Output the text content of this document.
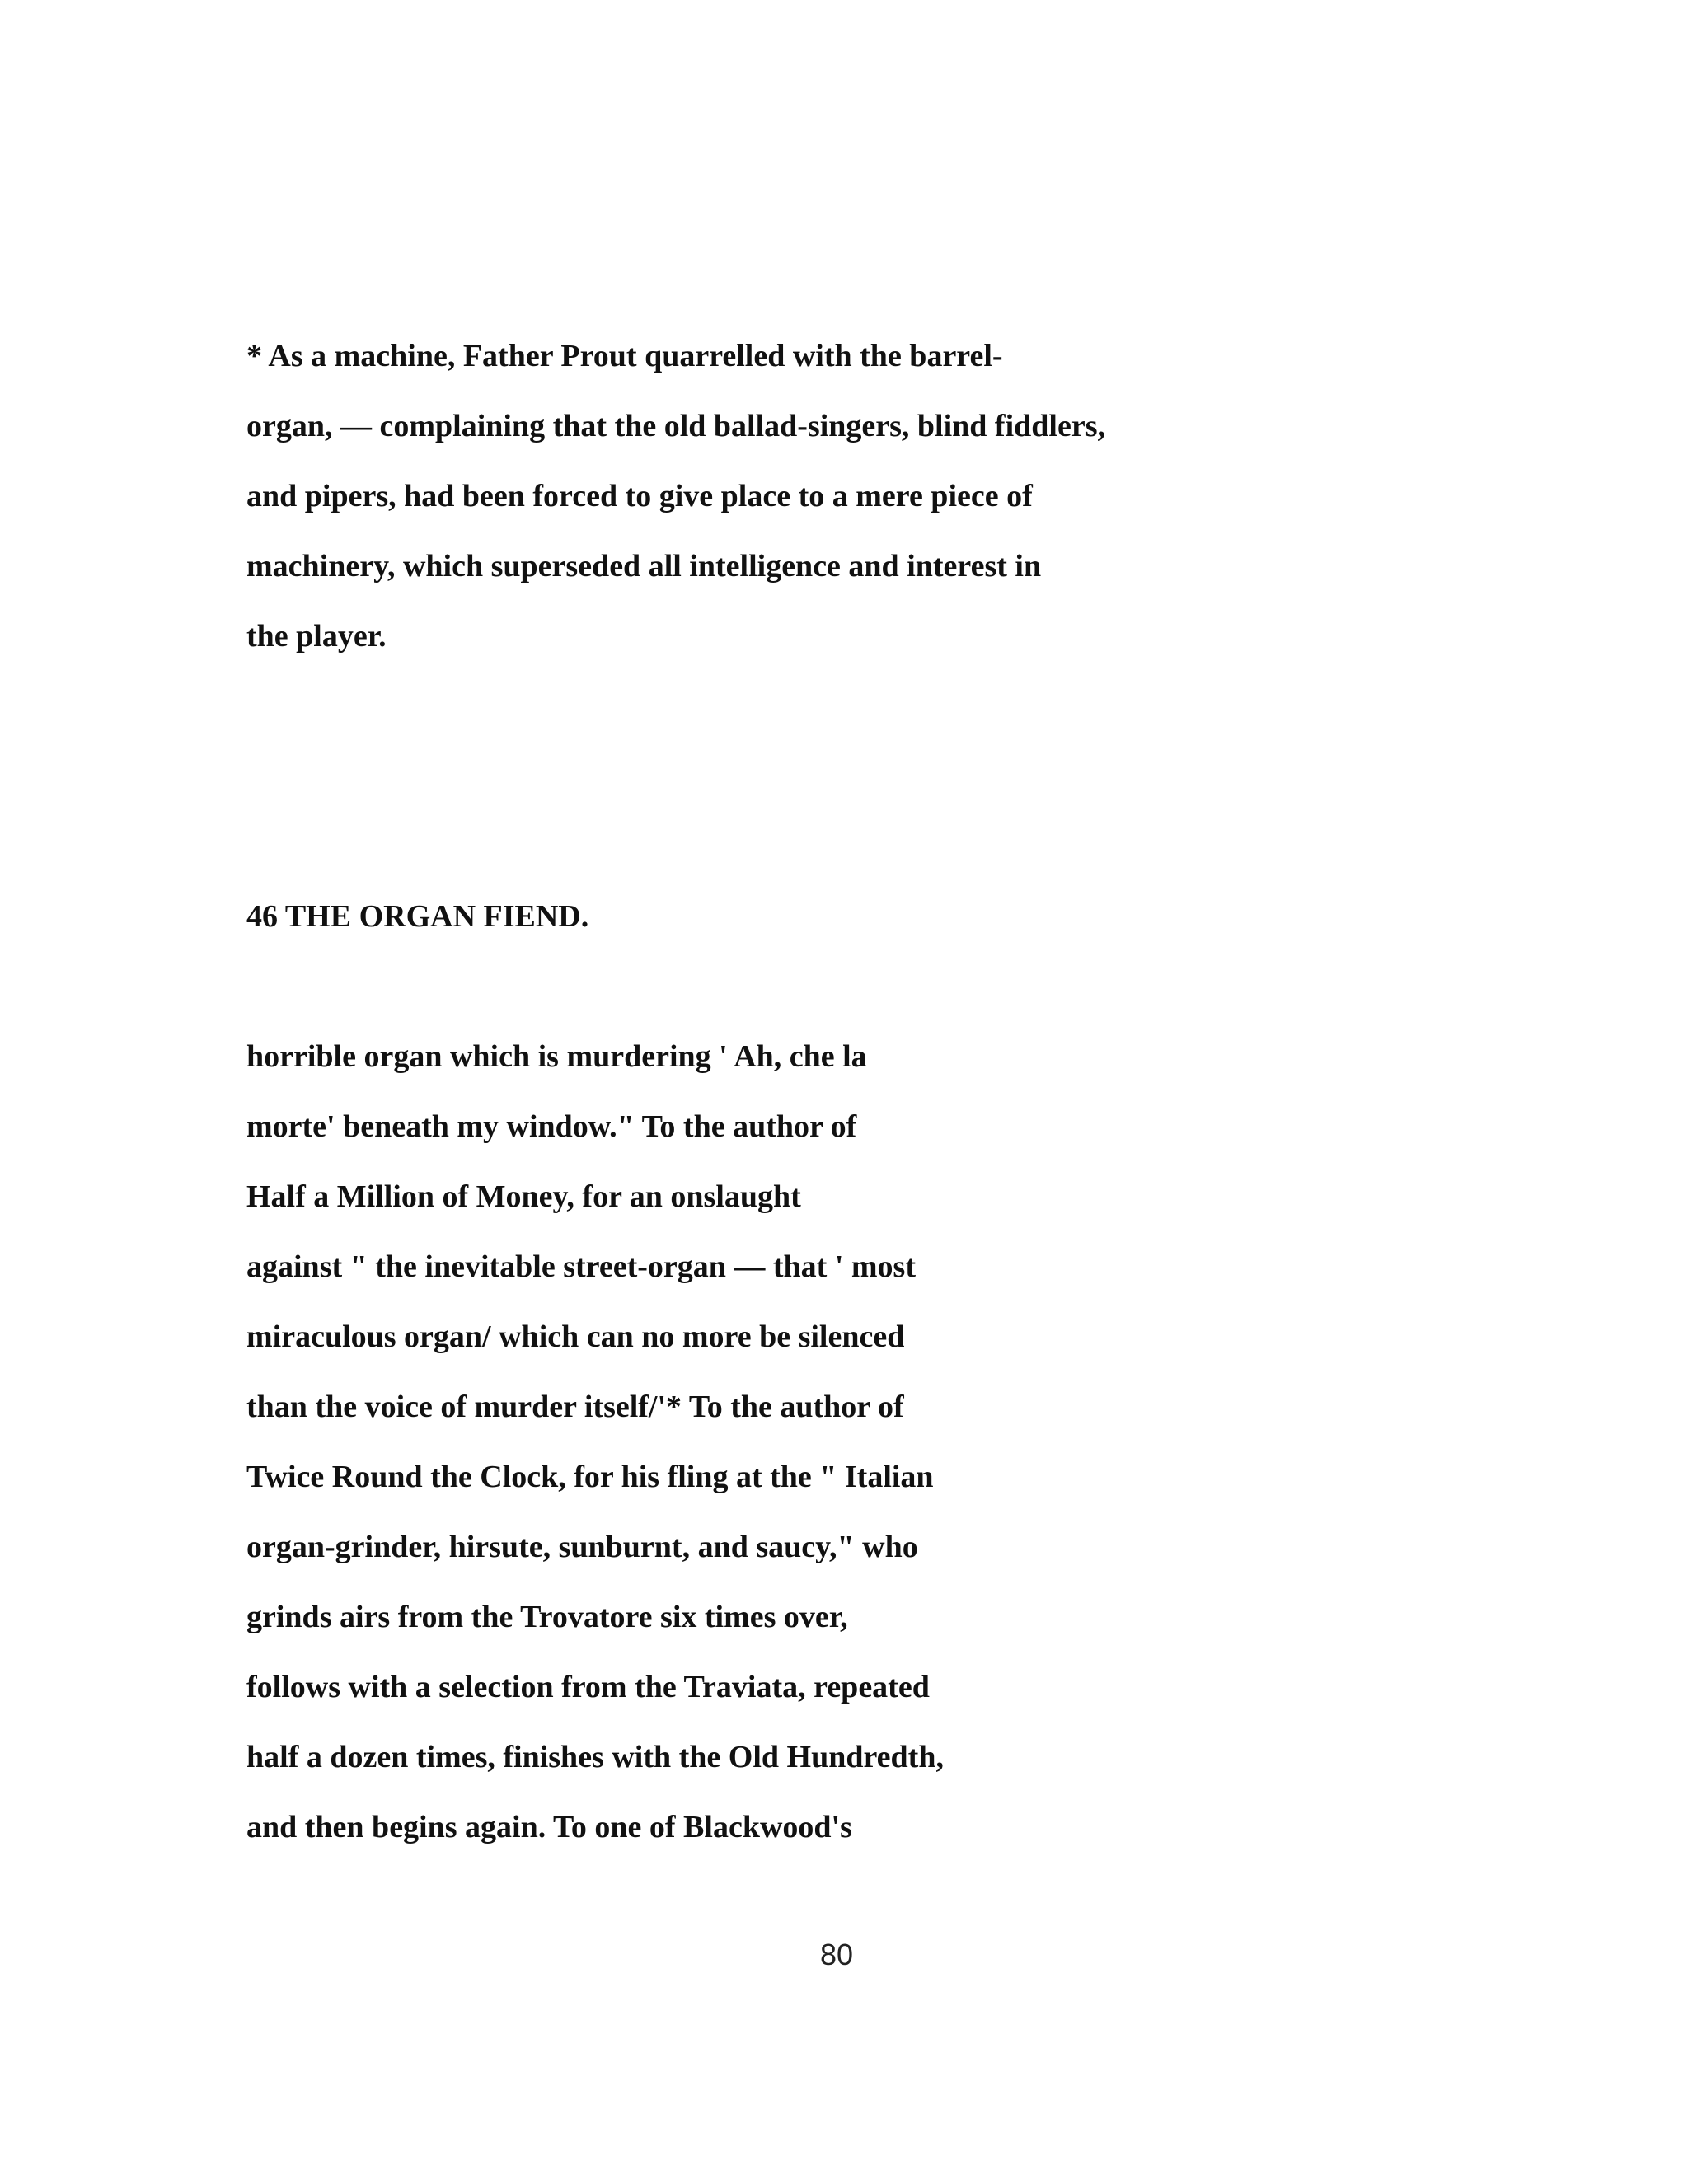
* As a machine, Father Prout quarrelled with the barrel-

organ, — complaining that the old ballad-singers, blind fiddlers,

and pipers, had been forced to give place to a mere piece of

machinery, which superseded all intelligence and interest in

the player.

46 THE ORGAN FIEND.

horrible organ which is murdering ' Ah, che la

morte' beneath my window." To the author of

Half a Million of Money, for an onslaught

against " the inevitable street-organ — that ' most

miraculous organ/ which can no more be silenced

than the voice of murder itself/'* To the author of

Twice Round the Clock, for his fling at the " Italian

organ-grinder, hirsute, sunburnt, and saucy," who

grinds airs from the Trovatore six times over,

follows with a selection from the Traviata, repeated

half a dozen times, finishes with the Old Hundredth,

and then begins again. To one of Blackwood's

80
